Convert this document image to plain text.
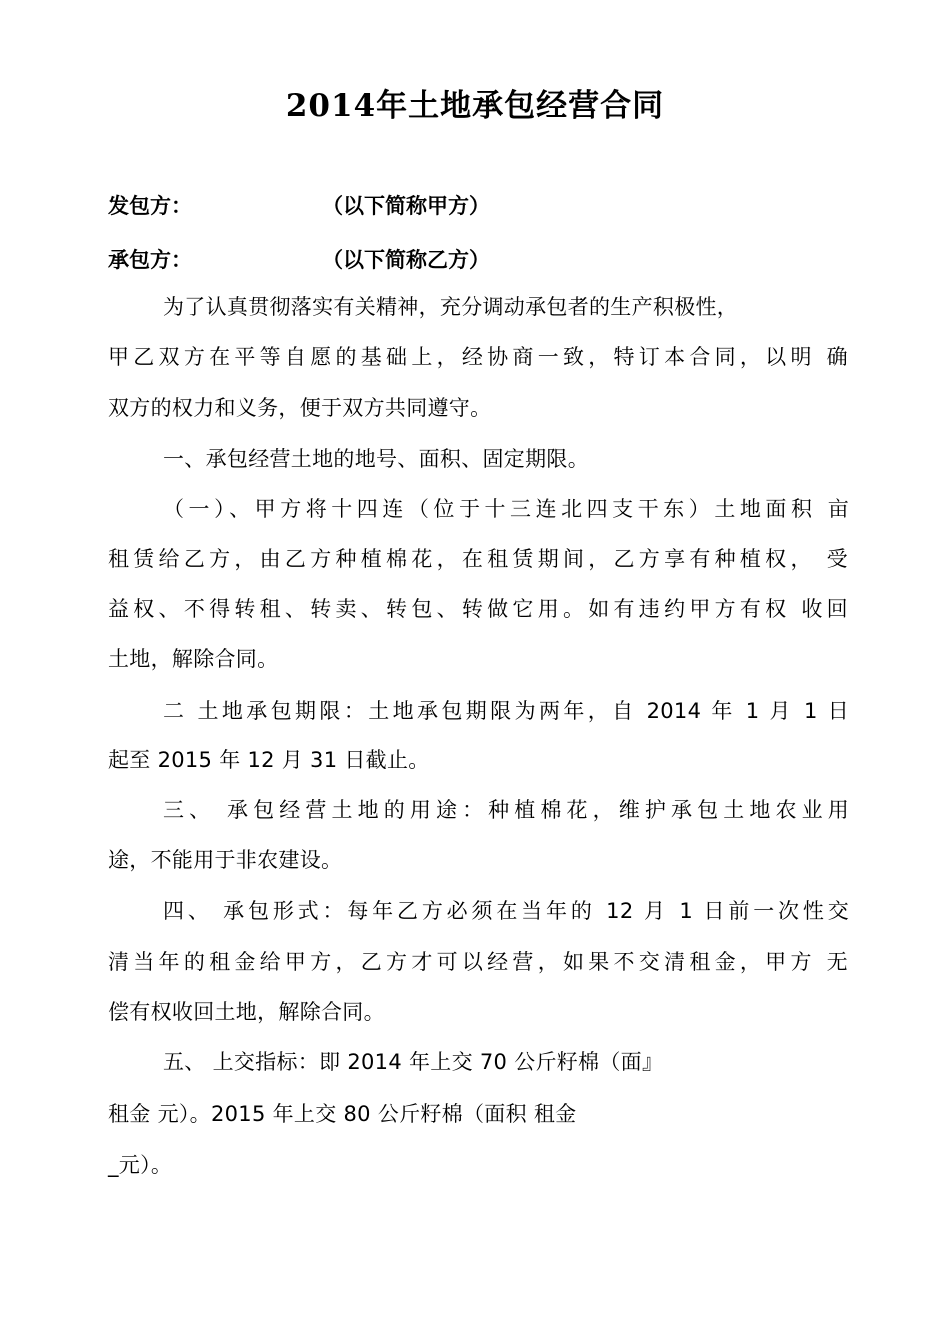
2014年土地承包经营合同
发包方：	（以下简称甲方）
承包方：	（以下简称乙方）
为了认真贯彻落实有关精神，充分调动承包者的生产积极性，
甲乙双方在平等自愿的基础上，经协商一致，特订本合同，以明 确
双方的权力和义务，便于双方共同遵守。
一、承包经营土地的地号、面积、固定期限。
（一）、甲方将十四连（位于十三连北四支干东）土地面积 亩
租赁给乙方，由乙方种植棉花，在租赁期间，乙方享有种植权， 受
益权、不得转租、转卖、转包、转做它用。如有违约甲方有权 收回
土地，解除合同。
二 土地承包期限：土地承包期限为两年，自 2014 年 1 月 1 日
起至 2015 年 12 月 31 日截止。
三、 承包经营土地的用途：种植棉花，维护承包土地农业用
途，不能用于非农建设。
四、 承包形式：每年乙方必须在当年的 12 月 1 日前一次性交
清当年的租金给甲方，乙方才可以经营，如果不交清租金，甲方 无
偿有权收回土地，解除合同。
五、 上交指标：即 2014 年上交 70 公斤籽棉（面』
租金 元）。2015 年上交 80 公斤籽棉（面积 租金
_元）。
